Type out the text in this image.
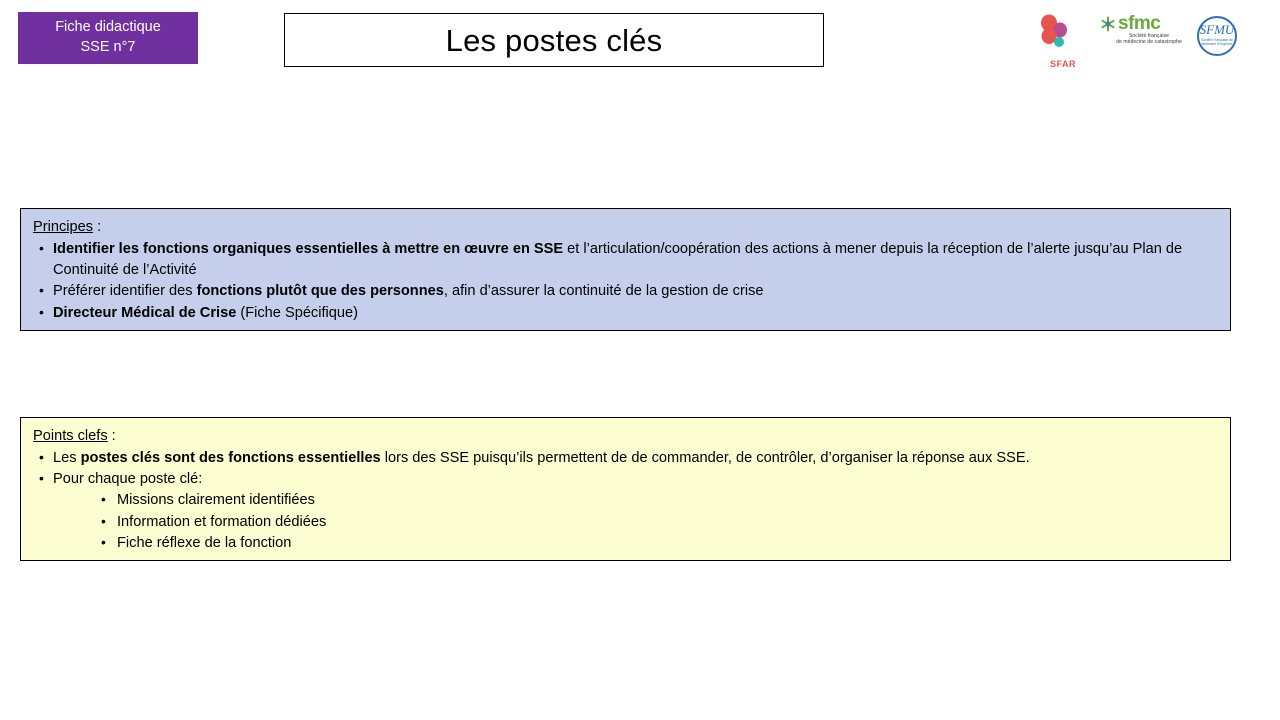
Fiche didactique
SSE n°7	Les postes clés
SFAR
sfmc
Société française
de médecine de catastrophe
SFMU
Société Française de
Médecine d'Urgence
Principes :
• Identifier les fonctions organiques essentielles à mettre en œuvre en SSE et l’articulation/coopération des actions à mener depuis la réception de l’alerte jusqu’au Plan de Continuité de l’Activité
• Préférer identifier des fonctions plutôt que des personnes, afin d’assurer la continuité de la gestion de crise
• Directeur Médical de Crise (Fiche Spécifique)
Points clefs :
• Les postes clés sont des fonctions essentielles lors des SSE puisqu’ils permettent de de commander, de contrôler, d’organiser la réponse aux SSE.
• Pour chaque poste clé:
• Missions clairement identifiées
• Information et formation dédiées
• Fiche réflexe de la fonction
